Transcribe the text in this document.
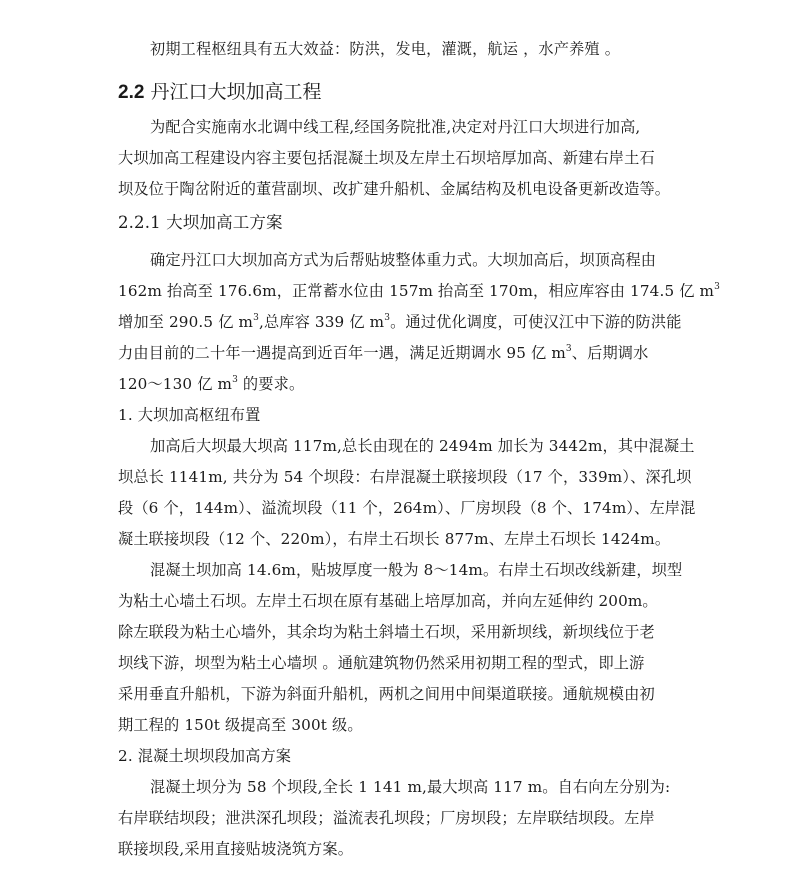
初期工程枢纽具有五大效益：防洪，发电，灌溉，航运 ，水产养殖 。
2.2 丹江口大坝加高工程
为配合实施南水北调中线工程,经国务院批准,决定对丹江口大坝进行加高,
大坝加高工程建设内容主要包括混凝土坝及左岸土石坝培厚加高、新建右岸土石
坝及位于陶岔附近的董营副坝、改扩建升船机、金属结构及机电设备更新改造等。
2.2.1 大坝加高工方案
确定丹江口大坝加高方式为后帮贴坡整体重力式。大坝加高后，坝顶高程由
162m 抬高至 176.6m，正常蓄水位由 157m 抬高至 170m，相应库容由 174.5 亿 $m^3$
增加至 290.5 亿 $m^3$,总库容 339 亿 $m^3$。通过优化调度，可使汉江中下游的防洪能
力由目前的二十年一遇提高到近百年一遇，满足近期调水 95 亿 $m^3$、后期调水
120～130 亿 $m^3$ 的要求。
1. 大坝加高枢纽布置
加高后大坝最大坝高 117m,总长由现在的 2494m 加长为 3442m，其中混凝土
坝总长 1141m, 共分为 54 个坝段：右岸混凝土联接坝段（17 个，339m）、深孔坝
段（6 个，144m）、溢流坝段（11 个，264m）、厂房坝段（8 个、174m）、左岸混
凝土联接坝段（12 个、220m），右岸土石坝长 877m、左岸土石坝长 1424m。
混凝土坝加高 14.6m，贴坡厚度一般为 8～14m。右岸土石坝改线新建，坝型
为粘土心墙土石坝。左岸土石坝在原有基础上培厚加高，并向左延伸约 200m。
除左联段为粘土心墙外，其余均为粘土斜墙土石坝，采用新坝线，新坝线位于老
坝线下游，坝型为粘土心墙坝 。通航建筑物仍然采用初期工程的型式，即上游
采用垂直升船机，下游为斜面升船机，两机之间用中间渠道联接。通航规模由初
期工程的 150t 级提高至 300t 级。
2. 混凝土坝坝段加高方案
混凝土坝分为 58 个坝段,全长 1 141 m,最大坝高 117 m。自右向左分别为:
右岸联结坝段；泄洪深孔坝段；溢流表孔坝段；厂房坝段；左岸联结坝段。左岸
联接坝段,采用直接贴坡浇筑方案。
